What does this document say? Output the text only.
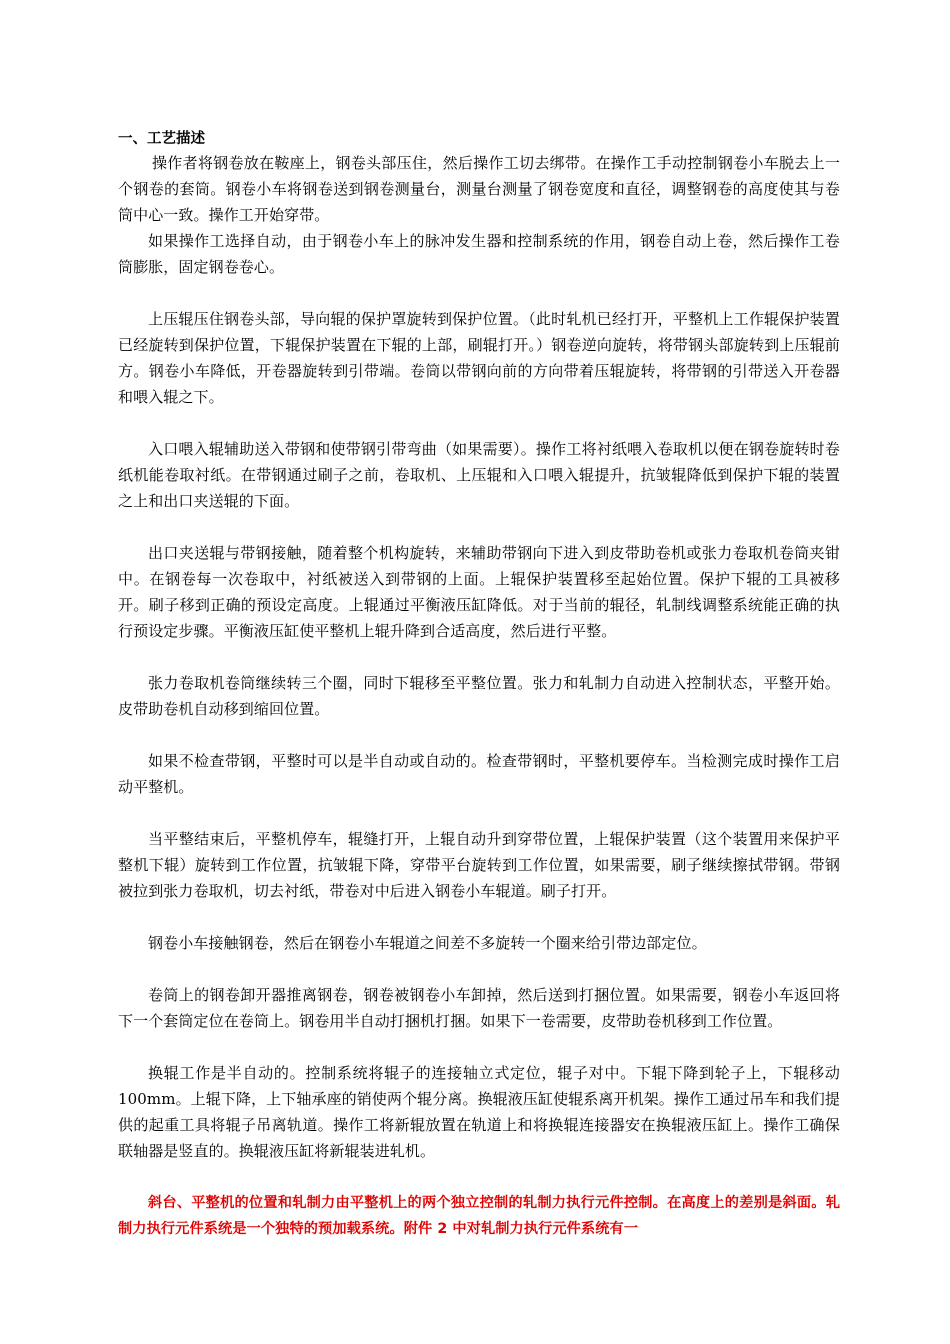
一、工艺描述

操作者将钢卷放在鞍座上，钢卷头部压住，然后操作工切去绑带。在操作工手动控制钢卷小车脱去上一个钢卷的套筒。钢卷小车将钢卷送到钢卷测量台，测量台测量了钢卷宽度和直径，调整钢卷的高度使其与卷筒中心一致。操作工开始穿带。

如果操作工选择自动，由于钢卷小车上的脉冲发生器和控制系统的作用，钢卷自动上卷，然后操作工卷筒膨胀，固定钢卷卷心。

上压辊压住钢卷头部，导向辊的保护罩旋转到保护位置。（此时轧机已经打开，平整机上工作辊保护装置已经旋转到保护位置，下辊保护装置在下辊的上部，刷辊打开。）钢卷逆向旋转，将带钢头部旋转到上压辊前方。钢卷小车降低，开卷器旋转到引带端。卷筒以带钢向前的方向带着压辊旋转，将带钢的引带送入开卷器和喂入辊之下。

入口喂入辊辅助送入带钢和使带钢引带弯曲（如果需要）。操作工将衬纸喂入卷取机以便在钢卷旋转时卷纸机能卷取衬纸。在带钢通过刷子之前，卷取机、上压辊和入口喂入辊提升，抗皱辊降低到保护下辊的装置之上和出口夹送辊的下面。

出口夹送辊与带钢接触，随着整个机构旋转，来辅助带钢向下进入到皮带助卷机或张力卷取机卷筒夹钳中。在钢卷每一次卷取中，衬纸被送入到带钢的上面。上辊保护装置移至起始位置。保护下辊的工具被移开。刷子移到正确的预设定高度。上辊通过平衡液压缸降低。对于当前的辊径，轧制线调整系统能正确的执行预设定步骤。平衡液压缸使平整机上辊升降到合适高度，然后进行平整。

张力卷取机卷筒继续转三个圈，同时下辊移至平整位置。张力和轧制力自动进入控制状态，平整开始。皮带助卷机自动移到缩回位置。

如果不检查带钢，平整时可以是半自动或自动的。检查带钢时，平整机要停车。当检测完成时操作工启动平整机。

当平整结束后，平整机停车，辊缝打开，上辊自动升到穿带位置，上辊保护装置（这个装置用来保护平整机下辊）旋转到工作位置，抗皱辊下降，穿带平台旋转到工作位置，如果需要，刷子继续擦拭带钢。带钢被拉到张力卷取机，切去衬纸，带卷对中后进入钢卷小车辊道。刷子打开。

钢卷小车接触钢卷，然后在钢卷小车辊道之间差不多旋转一个圈来给引带边部定位。

卷筒上的钢卷卸开器推离钢卷，钢卷被钢卷小车卸掉，然后送到打捆位置。如果需要，钢卷小车返回将下一个套筒定位在卷筒上。钢卷用半自动打捆机打捆。如果下一卷需要，皮带助卷机移到工作位置。

换辊工作是半自动的。控制系统将辊子的连接轴立式定位，辊子对中。下辊下降到轮子上，下辊移动 100mm。上辊下降，上下轴承座的销使两个辊分离。换辊液压缸使辊系离开机架。操作工通过吊车和我们提供的起重工具将辊子吊离轨道。操作工将新辊放置在轨道上和将换辊连接器安在换辊液压缸上。操作工确保联轴器是竖直的。换辊液压缸将新辊装进轧机。

斜台、平整机的位置和轧制力由平整机上的两个独立控制的轧制力执行元件控制。在高度上的差别是斜面。轧制力执行元件系统是一个独特的预加载系统。附件 2 中对轧制力执行元件系统有一
